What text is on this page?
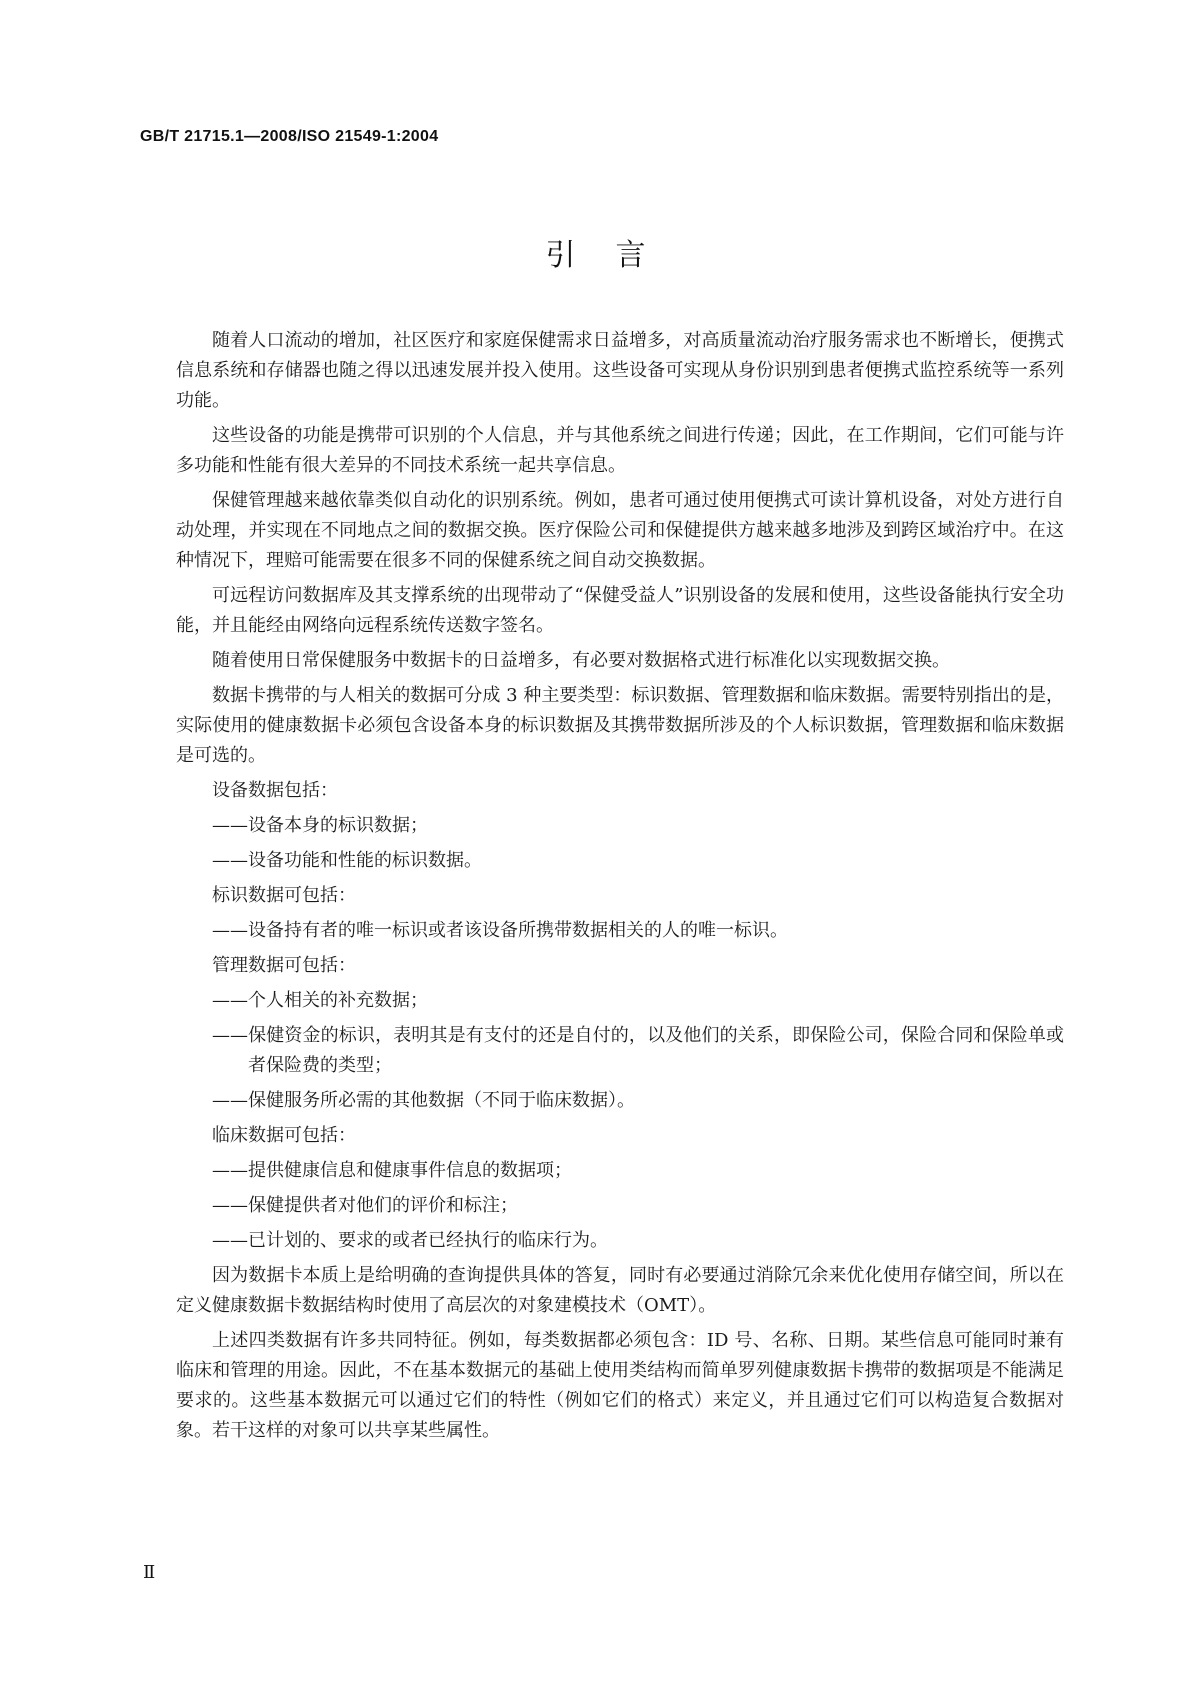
GB/T 21715.1—2008/ISO 21549-1:2004
引言

随着人口流动的增加，社区医疗和家庭保健需求日益增多，对高质量流动治疗服务需求也不断增长，便携式信息系统和存储器也随之得以迅速发展并投入使用。这些设备可实现从身份识别到患者便携式监控系统等一系列功能。

这些设备的功能是携带可识别的个人信息，并与其他系统之间进行传递；因此，在工作期间，它们可能与许多功能和性能有很大差异的不同技术系统一起共享信息。

保健管理越来越依靠类似自动化的识别系统。例如，患者可通过使用便携式可读计算机设备，对处方进行自动处理，并实现在不同地点之间的数据交换。医疗保险公司和保健提供方越来越多地涉及到跨区域治疗中。在这种情况下，理赔可能需要在很多不同的保健系统之间自动交换数据。

可远程访问数据库及其支撑系统的出现带动了“保健受益人”识别设备的发展和使用，这些设备能执行安全功能，并且能经由网络向远程系统传送数字签名。

随着使用日常保健服务中数据卡的日益增多，有必要对数据格式进行标准化以实现数据交换。

数据卡携带的与人相关的数据可分成 3 种主要类型：标识数据、管理数据和临床数据。需要特别指出的是，实际使用的健康数据卡必须包含设备本身的标识数据及其携带数据所涉及的个人标识数据，管理数据和临床数据是可选的。

设备数据包括：

——设备本身的标识数据；

——设备功能和性能的标识数据。

标识数据可包括：

——设备持有者的唯一标识或者该设备所携带数据相关的人的唯一标识。

管理数据可包括：

——个人相关的补充数据；

——保健资金的标识，表明其是有支付的还是自付的，以及他们的关系，即保险公司，保险合同和保险单或者保险费的类型；

——保健服务所必需的其他数据（不同于临床数据）。

临床数据可包括：

——提供健康信息和健康事件信息的数据项；

——保健提供者对他们的评价和标注；

——已计划的、要求的或者已经执行的临床行为。

因为数据卡本质上是给明确的查询提供具体的答复，同时有必要通过消除冗余来优化使用存储空间，所以在定义健康数据卡数据结构时使用了高层次的对象建模技术（OMT）。

上述四类数据有许多共同特征。例如，每类数据都必须包含：ID 号、名称、日期。某些信息可能同时兼有临床和管理的用途。因此，不在基本数据元的基础上使用类结构而简单罗列健康数据卡携带的数据项是不能满足要求的。这些基本数据元可以通过它们的特性（例如它们的格式）来定义，并且通过它们可以构造复合数据对象。若干这样的对象可以共享某些属性。

Ⅱ
